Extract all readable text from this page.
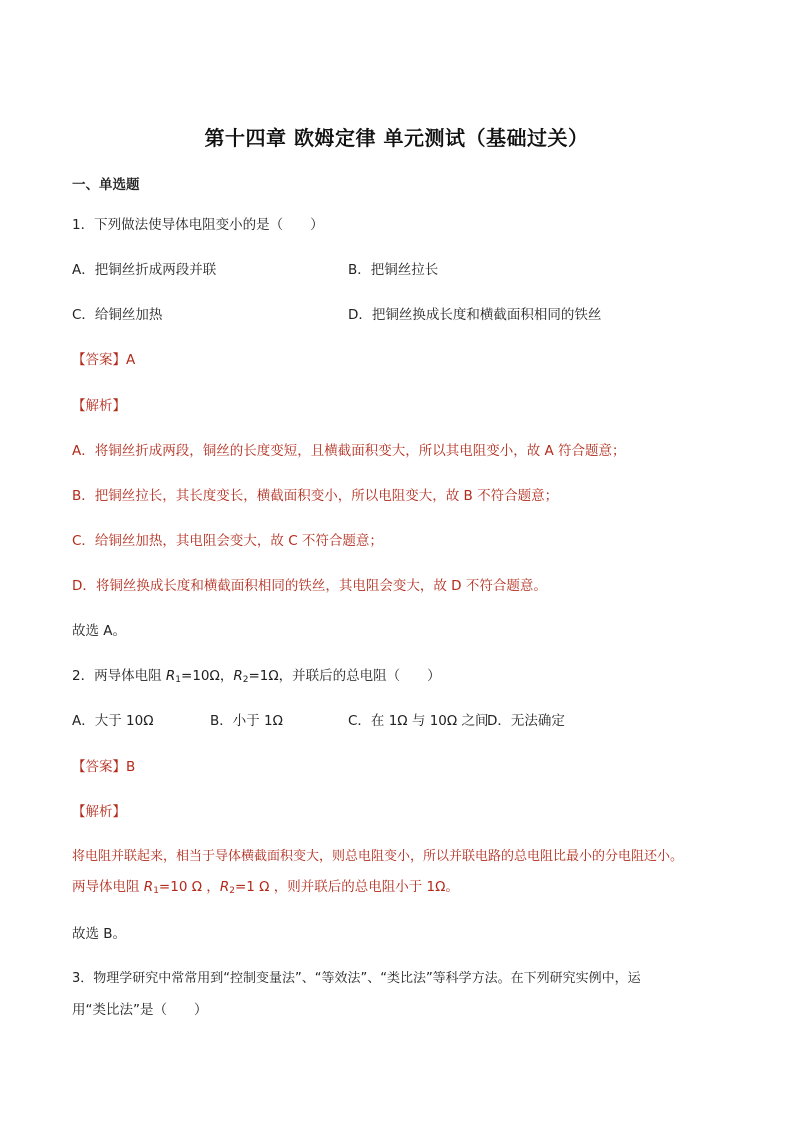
第十四章 欧姆定律 单元测试（基础过关）
一、单选题
1．下列做法使导体电阻变小的是（　　）
A．把铜丝折成两段并联	B．把铜丝拉长
C．给铜丝加热	D．把铜丝换成长度和横截面积相同的铁丝
【答案】A
【解析】
A．将铜丝折成两段，铜丝的长度变短，且横截面积变大，所以其电阻变小，故 A 符合题意；
B．把铜丝拉长，其长度变长，横截面积变小，所以电阻变大，故 B 不符合题意；
C．给铜丝加热，其电阻会变大，故 C 不符合题意；
D．将铜丝换成长度和横截面积相同的铁丝，其电阻会变大，故 D 不符合题意。
故选 A。
2．两导体电阻 $R_1=10\Omega$，$R_2=1\Omega$，并联后的总电阻（　　）
A．大于 10Ω	B．小于 1Ω	C．在 1Ω 与 10Ω 之间
D．无法确定
【答案】B
【解析】
将电阻并联起来，相当于导体横截面积变大，则总电阻变小，所以并联电路的总电阻比最小的分电阻还小。
两导体电阻 $R_1=10$ Ω ，$R_2=1$ Ω ，则并联后的总电阻小于 1Ω。
故选 B。
3．物理学研究中常常用到“控制变量法”、“等效法”、“类比法”等科学方法。在下列研究实例中，运
用“类比法”是（　　）
